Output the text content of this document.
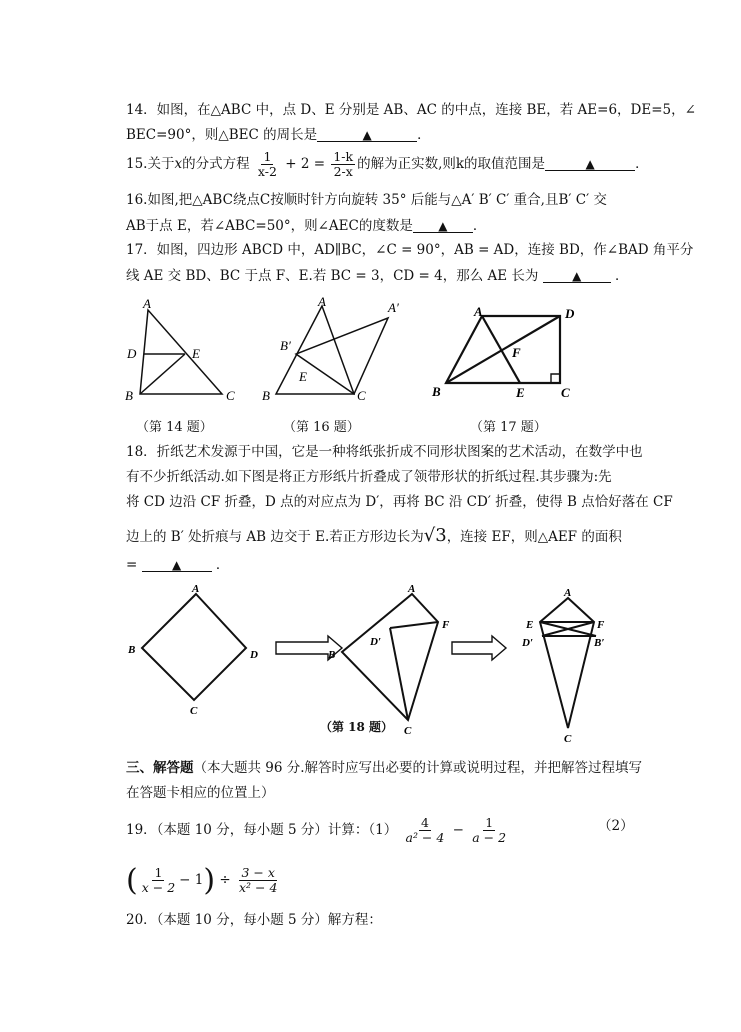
14．如图，在△ABC 中，点 D、E 分别是 AB、AC 的中点，连接 BE，若 AE=6，DE=5，∠
BEC=90°，则△BEC 的周长是	▲	．
15.关于x的分式方程 $\frac{1}{x-2} + 2 = \frac{1-k}{2-x}$ 的解为正实数,则k的取值范围是	▲	．
16.如图,把△ABC绕点C按顺时针方向旋转 35° 后能与△A′ B′ C′ 重合,且B′ C′ 交
AB于点 E，若∠ABC=50°，则∠AEC的度数是 ▲ ．
17．如图，四边形 ABCD 中，AD∥BC，∠C = 90°，AB = AD，连接 BD，作∠BAD 角平分
线 AE 交 BD、BC 于点 F、E.若 BC = 3，CD = 4，那么 AE 长为	▲ ．
A
D	E
B	C
（第 14 题）
A	A′
B′
E
B	C
（第 16 题）
A	D
F
B	E	C
（第 17 题）
18．折纸艺术发源于中国，它是一种将纸张折成不同形状图案的艺术活动，在数学中也
有不少折纸活动.如下图是将正方形纸片折叠成了领带形状的折纸过程.其步骤为:先
将 CD 边沿 CF 折叠，D 点的对应点为 D′，再将 BC 沿 CD′ 折叠，使得 B 点恰好落在 CF
边上的 B′ 处折痕与 AB 边交于 E.若正方形边长为√3，连接 EF，则△AEF 的面积
=	▲	．
A
B	D
C
A
F
D′
B
C
A
E	F
D′	B′
C
（第 18 题）
三、解答题（本大题共 96 分.解答时应写出必要的计算或说明过程，并把解答过程填写
在答题卡相应的位置上）
19．（本题 10 分，每小题 5 分）计算：$(1) \frac{4}{\text{a² − 4}} - \frac{1}{a - 2}$	（2）
( $\frac{1}{x - 2} - 1) \div \frac{3 - x}{\text{x² − 4}}$
20．（本题 10 分，每小题 5 分）解方程：
